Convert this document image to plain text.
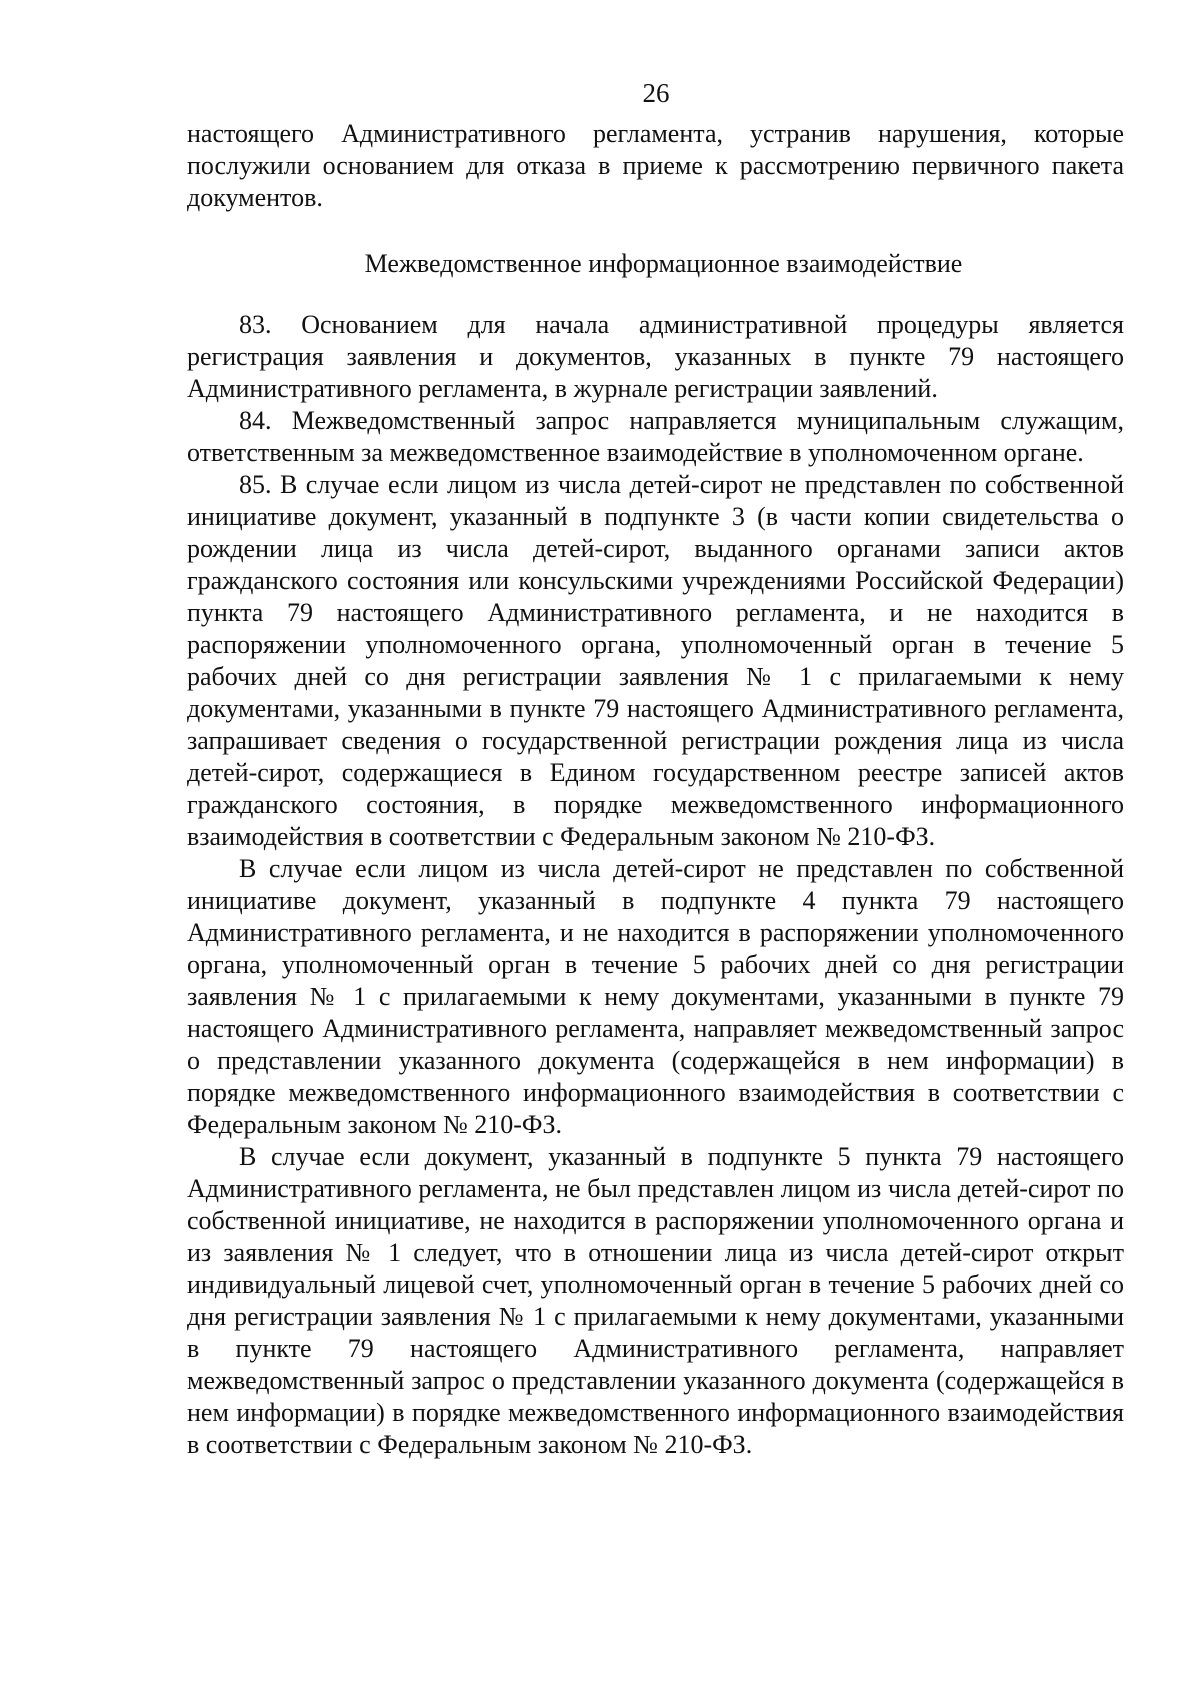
26

настоящего Административного регламента, устранив нарушения, которые послужили основанием для отказа в приеме к рассмотрению первичного пакета документов.

Межведомственное информационное взаимодействие

83. Основанием для начала административной процедуры является регистрация заявления и документов, указанных в пункте 79 настоящего Административного регламента, в журнале регистрации заявлений.

84. Межведомственный запрос направляется муниципальным служащим, ответственным за межведомственное взаимодействие в уполномоченном органе.

85. В случае если лицом из числа детей-сирот не представлен по собственной инициативе документ, указанный в подпункте 3 (в части копии свидетельства о рождении лица из числа детей-сирот, выданного органами записи актов гражданского состояния или консульскими учреждениями Российской Федерации) пункта 79 настоящего Административного регламента, и не находится в распоряжении уполномоченного органа, уполномоченный орган в течение 5 рабочих дней со дня регистрации заявления № 1 с прилагаемыми к нему документами, указанными в пункте 79 настоящего Административного регламента, запрашивает сведения о государственной регистрации рождения лица из числа детей-сирот, содержащиеся в Едином государственном реестре записей актов гражданского состояния, в порядке межведомственного информационного взаимодействия в соответствии с Федеральным законом № 210-ФЗ.

В случае если лицом из числа детей-сирот не представлен по собственной инициативе документ, указанный в подпункте 4 пункта 79 настоящего Административного регламента, и не находится в распоряжении уполномоченного органа, уполномоченный орган в течение 5 рабочих дней со дня регистрации заявления № 1 с прилагаемыми к нему документами, указанными в пункте 79 настоящего Административного регламента, направляет межведомственный запрос о представлении указанного документа (содержащейся в нем информации) в порядке межведомственного информационного взаимодействия в соответствии с Федеральным законом № 210-ФЗ.

В случае если документ, указанный в подпункте 5 пункта 79 настоящего Административного регламента, не был представлен лицом из числа детей-сирот по собственной инициативе, не находится в распоряжении уполномоченного органа и из заявления № 1 следует, что в отношении лица из числа детей-сирот открыт индивидуальный лицевой счет, уполномоченный орган в течение 5 рабочих дней со дня регистрации заявления № 1 с прилагаемыми к нему документами, указанными в пункте 79 настоящего Административного регламента, направляет межведомственный запрос о представлении указанного документа (содержащейся в нем информации) в порядке межведомственного информационного взаимодействия в соответствии с Федеральным законом № 210-ФЗ.
